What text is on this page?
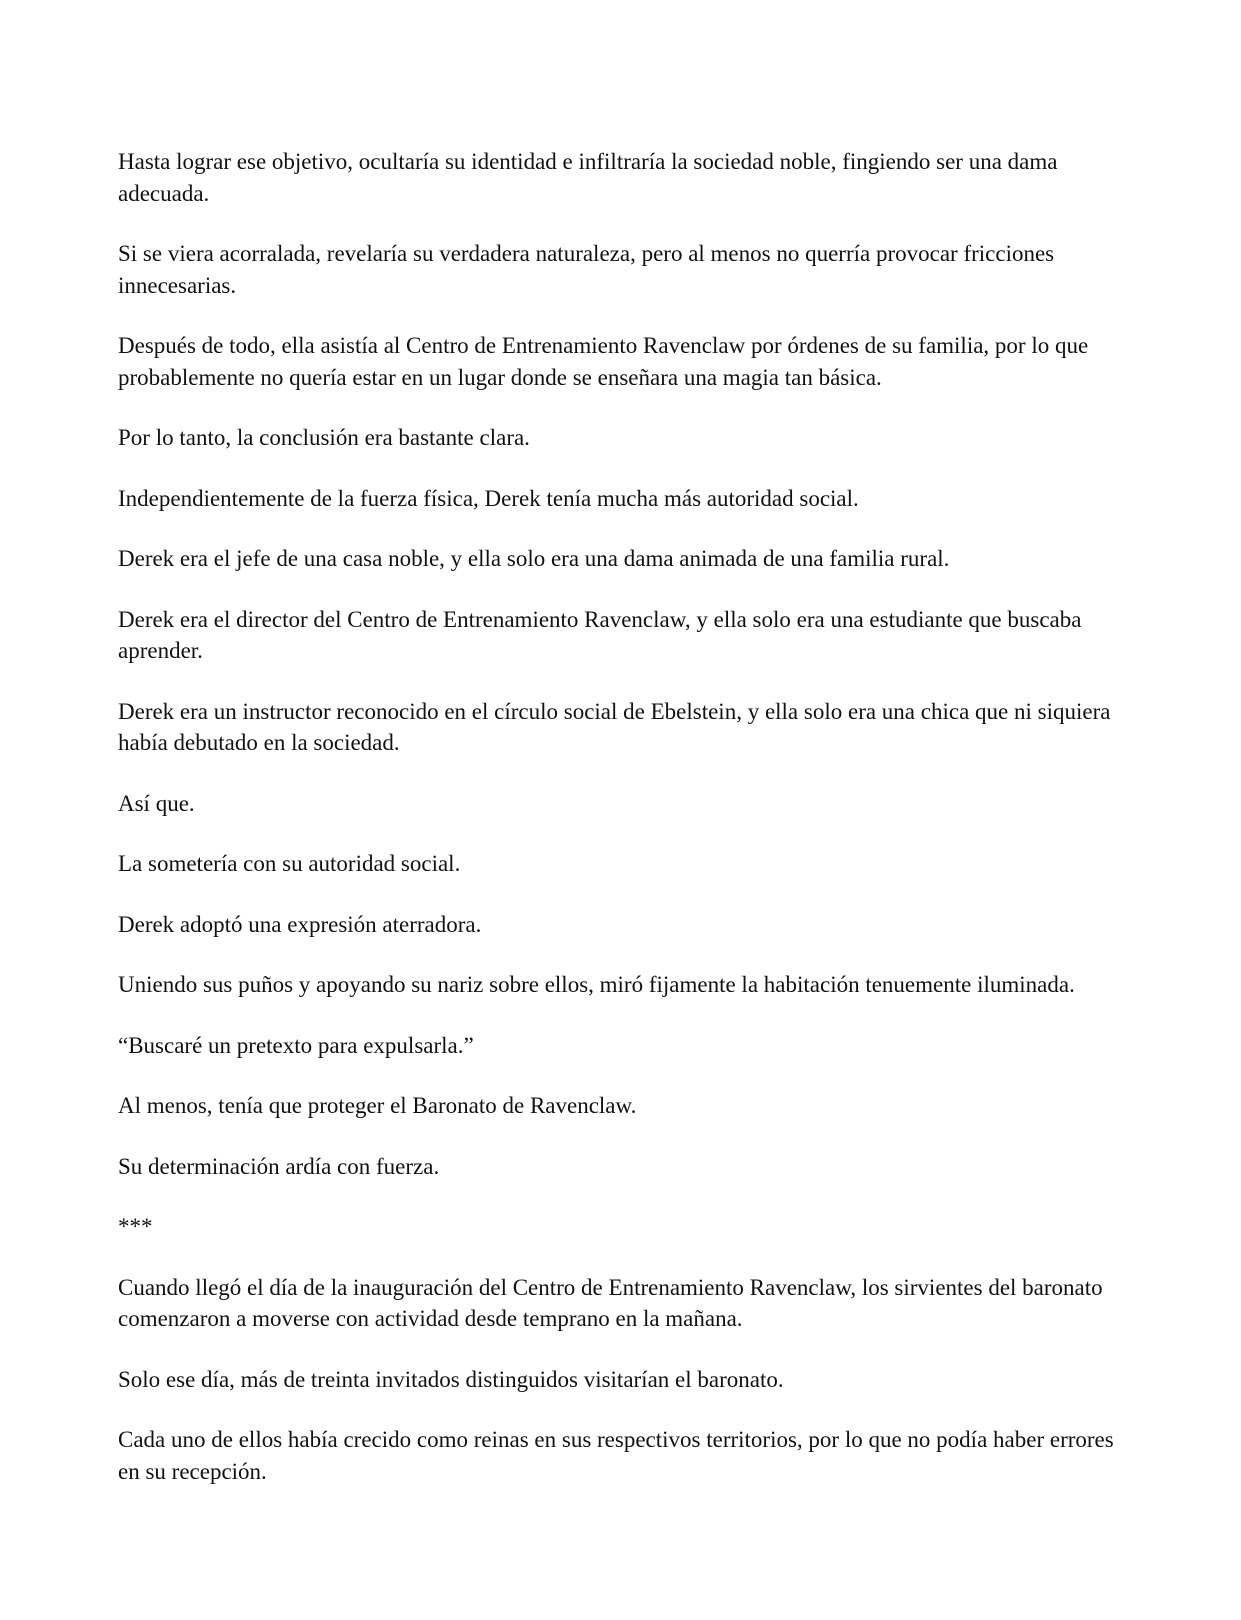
Hasta lograr ese objetivo, ocultaría su identidad e infiltraría la sociedad noble, fingiendo ser una dama adecuada.

Si se viera acorralada, revelaría su verdadera naturaleza, pero al menos no querría provocar fricciones innecesarias.

Después de todo, ella asistía al Centro de Entrenamiento Ravenclaw por órdenes de su familia, por lo que probablemente no quería estar en un lugar donde se enseñara una magia tan básica.

Por lo tanto, la conclusión era bastante clara.

Independientemente de la fuerza física, Derek tenía mucha más autoridad social.

Derek era el jefe de una casa noble, y ella solo era una dama animada de una familia rural.

Derek era el director del Centro de Entrenamiento Ravenclaw, y ella solo era una estudiante que buscaba aprender.

Derek era un instructor reconocido en el círculo social de Ebelstein, y ella solo era una chica que ni siquiera había debutado en la sociedad.

Así que.

La sometería con su autoridad social.

Derek adoptó una expresión aterradora.

Uniendo sus puños y apoyando su nariz sobre ellos, miró fijamente la habitación tenuemente iluminada.

“Buscaré un pretexto para expulsarla.”

Al menos, tenía que proteger el Baronato de Ravenclaw.

Su determinación ardía con fuerza.

***

Cuando llegó el día de la inauguración del Centro de Entrenamiento Ravenclaw, los sirvientes del baronato comenzaron a moverse con actividad desde temprano en la mañana.

Solo ese día, más de treinta invitados distinguidos visitarían el baronato.

Cada uno de ellos había crecido como reinas en sus respectivos territorios, por lo que no podía haber errores en su recepción.
